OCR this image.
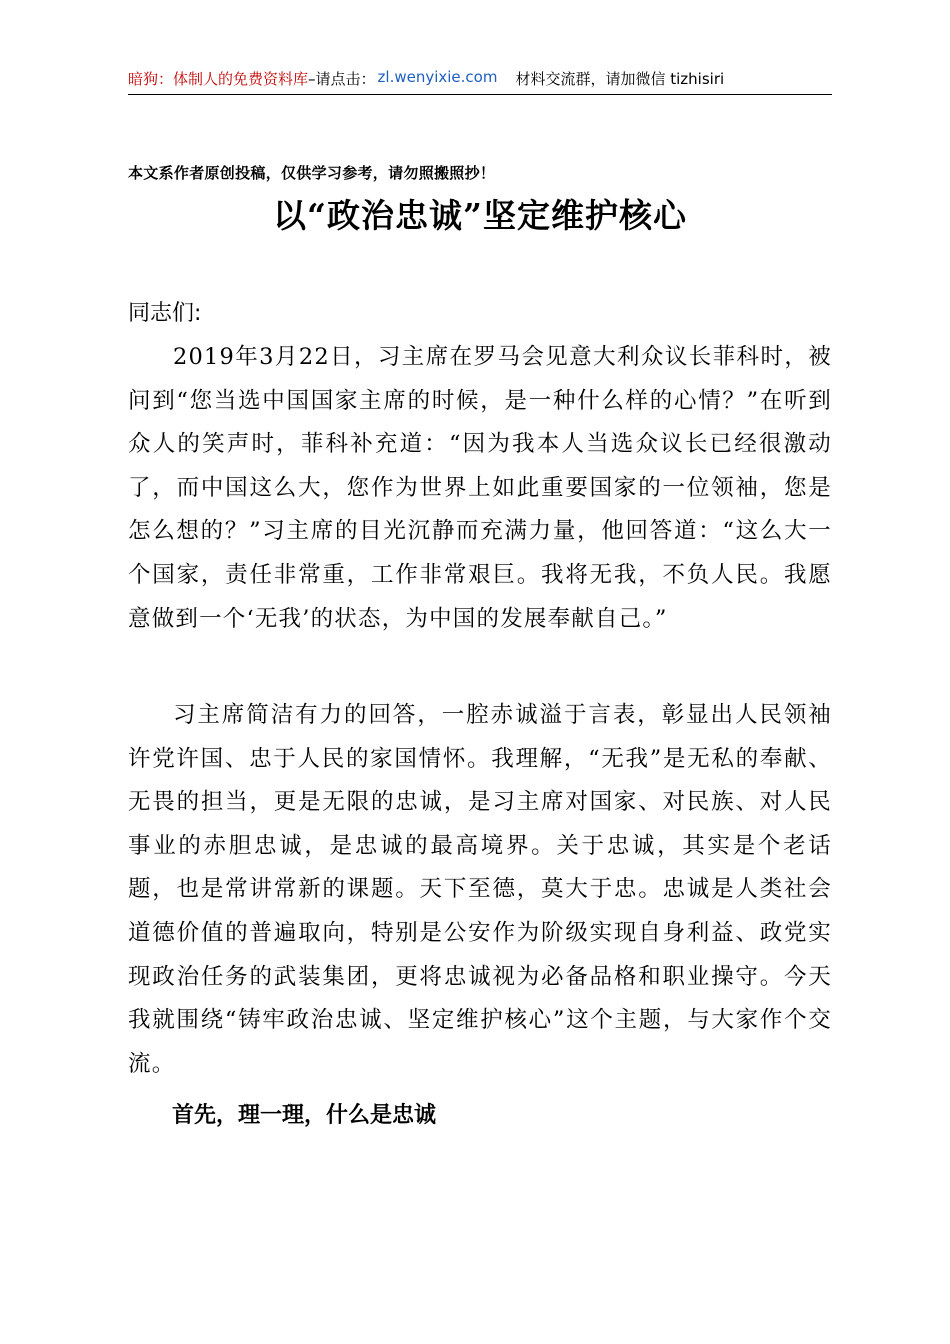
暗狗：体制人的免费资料库–请点击： zl.wenyixie.com 材料交流群，请加微信 tizhisiri
本文系作者原创投稿，仅供学习参考，请勿照搬照抄！
以“政治忠诚”坚定维护核心
同志们:

2019年3月22日，习主席在罗马会见意大利众议长菲科时，被问到“您当选中国国家主席的时候，是一种什么样的心情？”在听到众人的笑声时，菲科补充道：“因为我本人当选众议长已经很激动了，而中国这么大，您作为世界上如此重要国家的一位领袖，您是怎么想的？”习主席的目光沉静而充满力量，他回答道：“这么大一个国家，责任非常重，工作非常艰巨。我将无我，不负人民。我愿意做到一个‘无我’的状态，为中国的发展奉献自己。”

习主席简洁有力的回答，一腔赤诚溢于言表，彰显出人民领袖许党许国、忠于人民的家国情怀。我理解，“无我”是无私的奉献、无畏的担当，更是无限的忠诚，是习主席对国家、对民族、对人民事业的赤胆忠诚，是忠诚的最高境界。关于忠诚，其实是个老话题，也是常讲常新的课题。天下至德，莫大于忠。忠诚是人类社会道德价值的普遍取向，特别是公安作为阶级实现自身利益、政党实现政治任务的武装集团，更将忠诚视为必备品格和职业操守。今天我就围绕“铸牢政治忠诚、坚定维护核心”这个主题，与大家作个交流。

首先，理一理，什么是忠诚
